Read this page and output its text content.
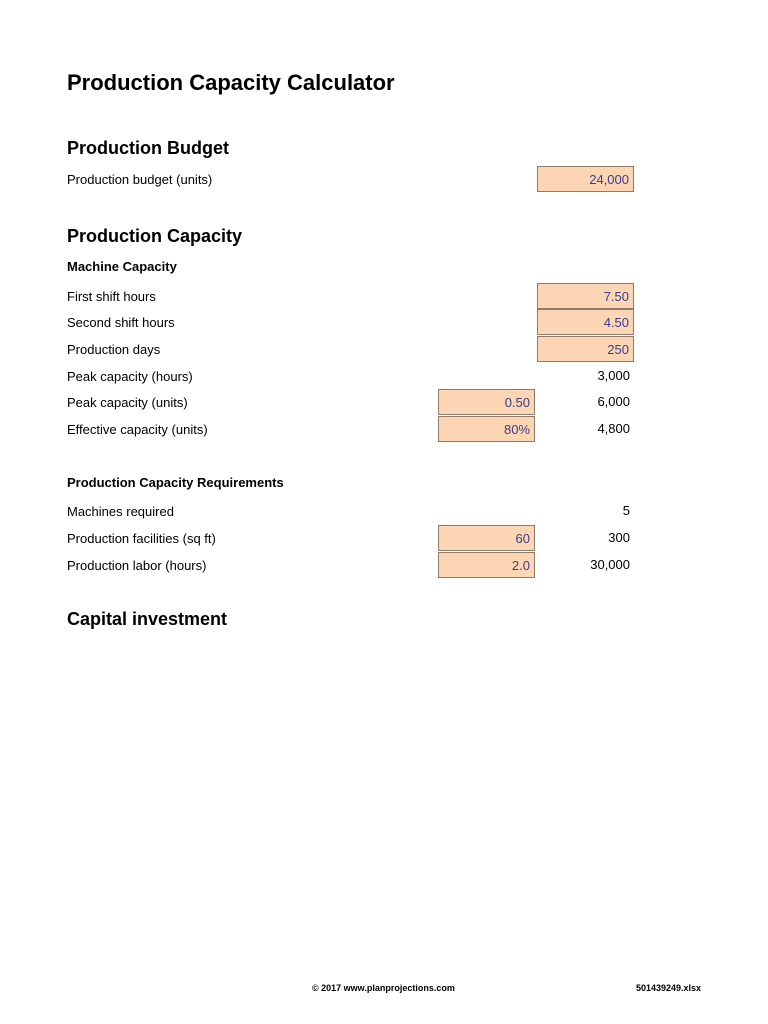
Production Capacity Calculator
Production Budget
Production budget (units)	24,000
Production Capacity
Machine Capacity
First shift hours	7.50
Second shift hours	4.50
Production days	250
Peak capacity (hours)	3,000
Peak capacity (units)	0.50	6,000
Effective capacity (units)	80%	4,800
Production Capacity Requirements
Machines required	5
Production facilities (sq ft)	60	300
Production labor (hours)	2.0	30,000
Capital investment
© 2017 www.planprojections.com	501439249.xlsx
